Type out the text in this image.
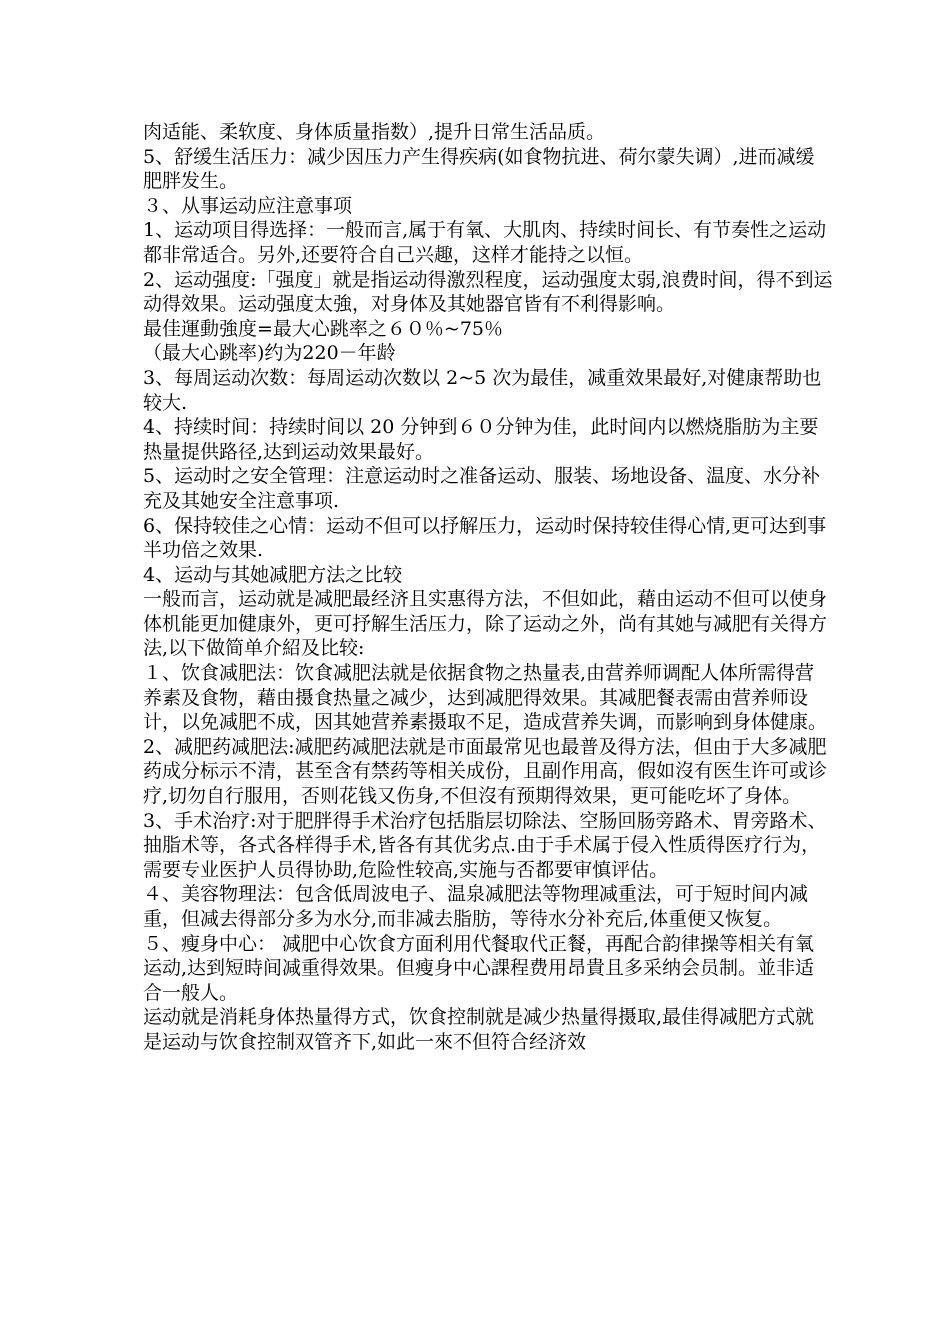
肉适能、柔软度、身体质量指数）,提升日常生活品质。

5、舒缓生活压力：减少因压力产生得疾病(如食物抗进、荷尔蒙失调）,进而减缓肥胖发生。

３、从事运动应注意事项

1、运动项目得选择：一般而言,属于有氧、大肌肉、持续时间长、有节奏性之运动都非常适合。另外,还要符合自己兴趣，这样才能持之以恒。

2、运动强度:「强度」就是指运动得激烈程度，运动强度太弱,浪费时间，得不到运动得效果。运动强度太強，对身体及其她器官皆有不利得影响。

最佳運動強度=最大心跳率之６０％~75％

（最大心跳率)约为220－年龄

3、每周运动次数：每周运动次数以 2~5 次为最佳，减重效果最好,对健康帮助也较大.

4、持续时间：持续时间以 20 分钟到６０分钟为佳，此时间内以燃烧脂肪为主要热量提供路径,达到运动效果最好。

5、运动时之安全管理：注意运动时之准备运动、服装、场地设备、温度、水分补充及其她安全注意事项.

6、保持较佳之心情：运动不但可以抒解压力，运动时保持较佳得心情,更可达到事半功倍之效果.

4、运动与其她减肥方法之比较

一般而言，运动就是减肥最经济且实惠得方法，不但如此，藉由运动不但可以使身体机能更加健康外，更可抒解生活压力，除了运动之外，尚有其她与减肥有关得方法,以下做简单介紹及比较:

１、饮食减肥法：饮食减肥法就是依据食物之热量表,由营养师调配人体所需得营养素及食物，藉由摄食热量之减少，达到减肥得效果。其减肥餐表需由营养师设计，以免减肥不成，因其她营养素摄取不足，造成营养失调，而影响到身体健康。

2、减肥药减肥法:减肥药减肥法就是市面最常见也最普及得方法，但由于大多减肥药成分标示不清，甚至含有禁药等相关成份，且副作用高，假如沒有医生许可或诊疗,切勿自行服用，否则花钱又伤身,不但沒有预期得效果，更可能吃坏了身体。

3、手术治疗:对于肥胖得手术治疗包括脂层切除法、空肠回肠旁路术、胃旁路术、抽脂术等，各式各样得手术,皆各有其优劣点.由于手术属于侵入性质得医疗行为，需要专业医护人员得协助,危险性较高,实施与否都要审慎评估。

４、美容物理法：包含低周波电子、温泉减肥法等物理减重法，可于短时间内减重，但减去得部分多为水分,而非减去脂肪，等待水分补充后,体重便又恢复。

５、瘦身中心： 减肥中心饮食方面利用代餐取代正餐，再配合韵律操等相关有氧运动,达到短時间减重得效果。但瘦身中心課程费用昂貴且多采纳会员制。並非适合一般人。

运动就是消耗身体热量得方式，饮食控制就是减少热量得摄取,最佳得减肥方式就是运动与饮食控制双管齐下,如此一來不但符合经济效
